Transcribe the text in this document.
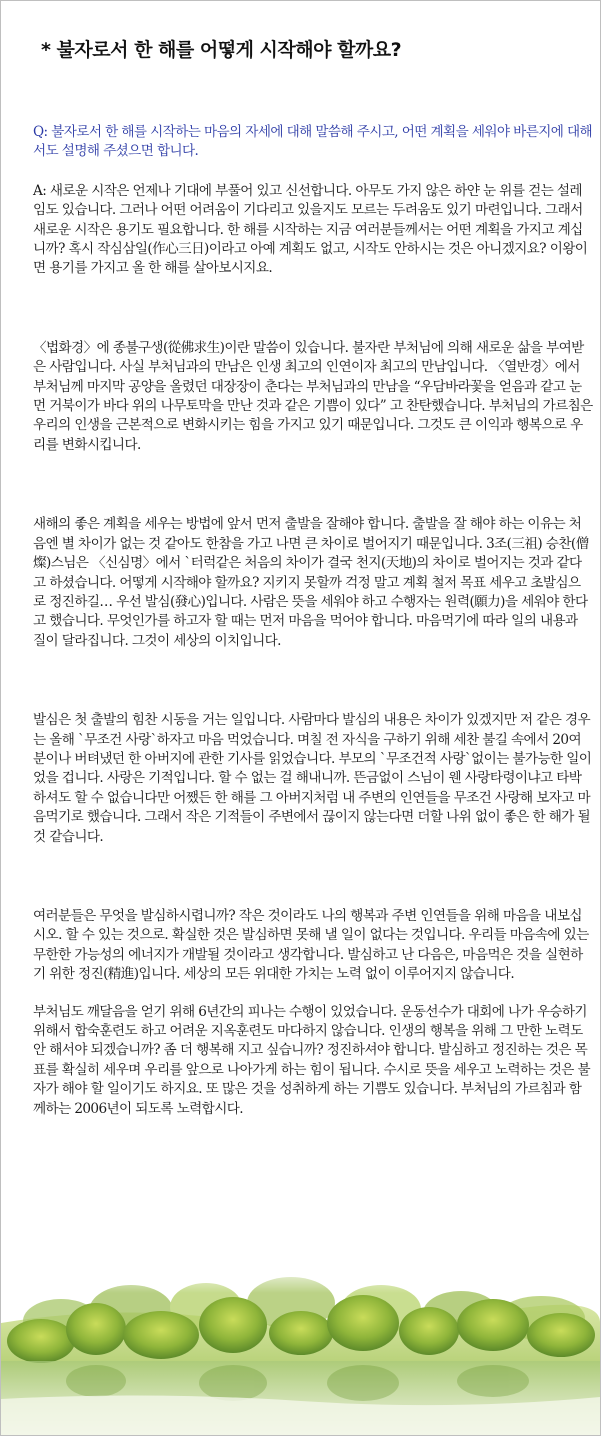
* 불자로서 한 해를 어떻게 시작해야 할까요?

Q: 불자로서 한 해를 시작하는 마음의 자세에 대해 말씀해 주시고, 어떤 계획을 세워야 바른지에 대해서도 설명해 주셨으면 합니다.

A: 새로운 시작은 언제나 기대에 부풀어 있고 신선합니다. 아무도 가지 않은 하얀 눈 위를 걷는 설레임도 있습니다. 그러나 어떤 어려움이 기다리고 있을지도 모르는 두려움도 있기 마련입니다. 그래서 새로운 시작은 용기도 필요합니다. 한 해를 시작하는 지금 여러분들께서는 어떤 계획을 가지고 계십니까? 혹시 작심삼일(作心三日)이라고 아예 계획도 없고, 시작도 안하시는 것은 아니겠지요? 이왕이면 용기를 가지고 올 한 해를 살아보시지요.

〈법화경〉에 종불구생(從佛求生)이란 말씀이 있습니다. 불자란 부처님에 의해 새로운 삶을 부여받은 사람입니다. 사실 부처님과의 만남은 인생 최고의 인연이자 최고의 만남입니다. 〈열반경〉에서 부처님께 마지막 공양을 올렸던 대장장이 춘다는 부처님과의 만남을 “우담바라꽃을 얻음과 같고 눈먼 거북이가 바다 위의 나무토막을 만난 것과 같은 기쁨이 있다” 고 찬탄했습니다. 부처님의 가르침은 우리의 인생을 근본적으로 변화시키는 힘을 가지고 있기 때문입니다. 그것도 큰 이익과 행복으로 우리를 변화시킵니다.

새해의 좋은 계획을 세우는 방법에 앞서 먼저 출발을 잘해야 합니다. 출발을 잘 해야 하는 이유는 처음엔 별 차이가 없는 것 같아도 한참을 가고 나면 큰 차이로 벌어지기 때문입니다. 3조(三祖) 승찬(僧燦)스님은 〈신심명〉에서 `터럭같은 처음의 차이가 결국 천지(天地)의 차이로 벌어지는 것과 같다고 하셨습니다. 어떻게 시작해야 할까요? 지키지 못할까 걱정 말고 계획 철저 목표 세우고 초발심으로 정진하길… 우선 발심(發心)입니다. 사람은 뜻을 세워야 하고 수행자는 원력(願力)을 세워야 한다고 했습니다. 무엇인가를 하고자 할 때는 먼저 마음을 먹어야 합니다. 마음먹기에 따라 일의 내용과 질이 달라집니다. 그것이 세상의 이치입니다.

발심은 첫 출발의 힘찬 시동을 거는 일입니다. 사람마다 발심의 내용은 차이가 있겠지만 저 같은 경우는 올해 `무조건 사랑`하자고 마음 먹었습니다. 며칠 전 자식을 구하기 위해 세찬 불길 속에서 20여분이나 버텨냈던 한 아버지에 관한 기사를 읽었습니다. 부모의 `무조건적 사랑`없이는 불가능한 일이었을 겁니다. 사랑은 기적입니다. 할 수 없는 걸 해내니까. 뜬금없이 스님이 웬 사랑타령이냐고 타박하셔도 할 수 없습니다만 어쨌든 한 해를 그 아버지처럼 내 주변의 인연들을 무조건 사랑해 보자고 마음먹기로 했습니다. 그래서 작은 기적들이 주변에서 끊이지 않는다면 더할 나위 없이 좋은 한 해가 될 것 같습니다.

여러분들은 무엇을 발심하시렵니까? 작은 것이라도 나의 행복과 주변 인연들을 위해 마음을 내보십시오. 할 수 있는 것으로. 확실한 것은 발심하면 못해 낼 일이 없다는 것입니다. 우리들 마음속에 있는 무한한 가능성의 에너지가 개발될 것이라고 생각합니다. 발심하고 난 다음은, 마음먹은 것을 실현하기 위한 정진(精進)입니다. 세상의 모든 위대한 가치는 노력 없이 이루어지지 않습니다.

부처님도 깨달음을 얻기 위해 6년간의 피나는 수행이 있었습니다. 운동선수가 대회에 나가 우승하기 위해서 합숙훈련도 하고 어려운 지옥훈련도 마다하지 않습니다. 인생의 행복을 위해 그 만한 노력도 안 해서야 되겠습니까? 좀 더 행복해 지고 싶습니까? 정진하셔야 합니다. 발심하고 정진하는 것은 목표를 확실히 세우며 우리를 앞으로 나아가게 하는 힘이 됩니다. 수시로 뜻을 세우고 노력하는 것은 불자가 해야 할 일이기도 하지요. 또 많은 것을 성취하게 하는 기쁨도 있습니다. 부처님의 가르침과 함께하는 2006년이 되도록 노력합시다.
